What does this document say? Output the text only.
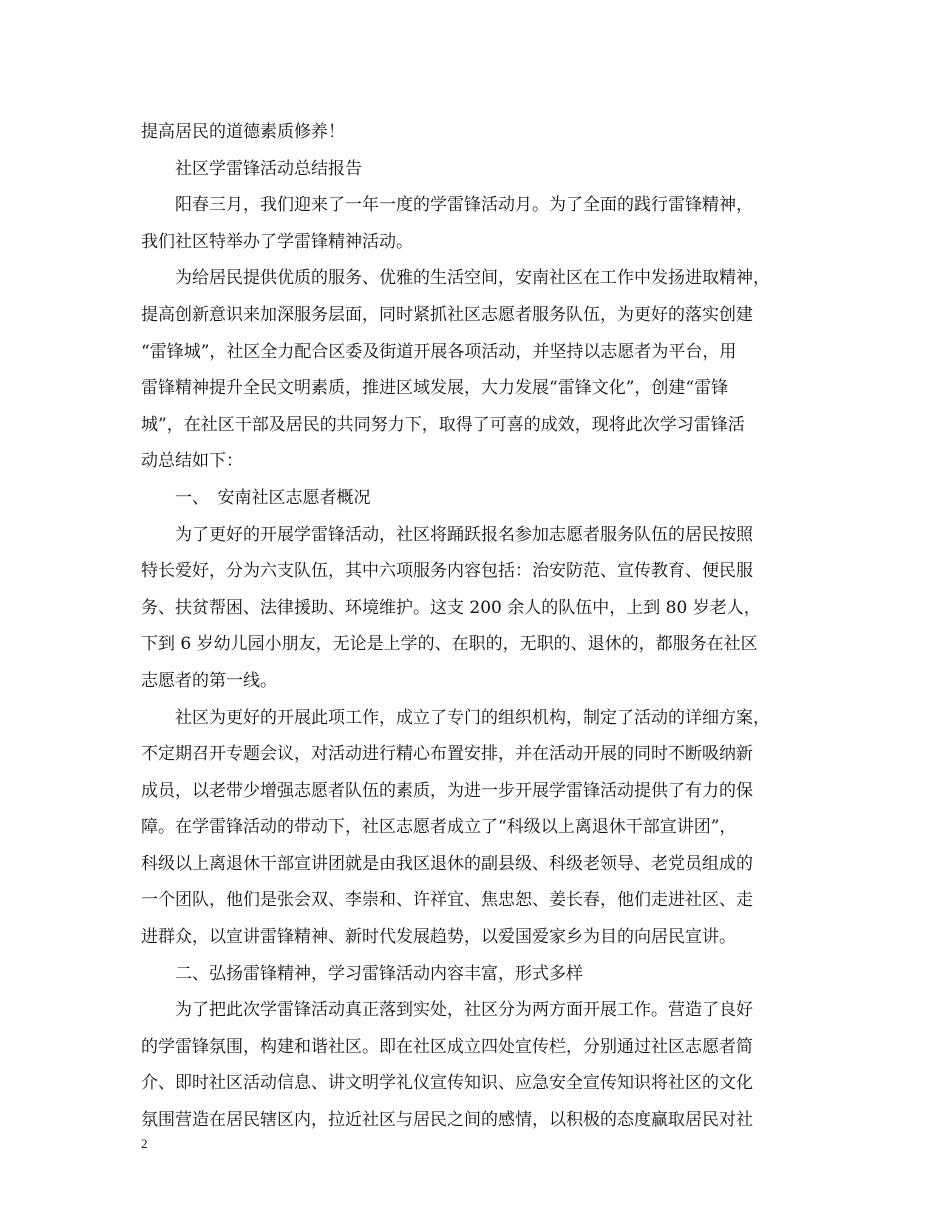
提高居民的道德素质修养！
社区学雷锋活动总结报告
阳春三月，我们迎来了一年一度的学雷锋活动月。为了全面的践行雷锋精神，
我们社区特举办了学雷锋精神活动。
为给居民提供优质的服务、优雅的生活空间，安南社区在工作中发扬进取精神，
提高创新意识来加深服务层面，同时紧抓社区志愿者服务队伍，为更好的落实创建
“雷锋城”，社区全力配合区委及街道开展各项活动，并坚持以志愿者为平台，用
雷锋精神提升全民文明素质，推进区域发展，大力发展“雷锋文化”，创建“雷锋
城”，在社区干部及居民的共同努力下，取得了可喜的成效，现将此次学习雷锋活
动总结如下：
一、　安南社区志愿者概况
为了更好的开展学雷锋活动，社区将踊跃报名参加志愿者服务队伍的居民按照
特长爱好，分为六支队伍，其中六项服务内容包括：治安防范、宣传教育、便民服
务、扶贫帮困、法律援助、环境维护。这支 200 余人的队伍中，上到 80 岁老人，
下到 6 岁幼儿园小朋友，无论是上学的、在职的，无职的、退休的，都服务在社区
志愿者的第一线。
社区为更好的开展此项工作，成立了专门的组织机构，制定了活动的详细方案，
不定期召开专题会议，对活动进行精心布置安排，并在活动开展的同时不断吸纳新
成员，以老带少增强志愿者队伍的素质，为进一步开展学雷锋活动提供了有力的保
障。在学雷锋活动的带动下，社区志愿者成立了“科级以上离退休干部宣讲团”，
科级以上离退休干部宣讲团就是由我区退休的副县级、科级老领导、老党员组成的
一个团队，他们是张会双、李崇和、许祥宜、焦忠恕、姜长春，他们走进社区、走
进群众，以宣讲雷锋精神、新时代发展趋势，以爱国爱家乡为目的向居民宣讲。
二、弘扬雷锋精神，学习雷锋活动内容丰富，形式多样
为了把此次学雷锋活动真正落到实处，社区分为两方面开展工作。营造了良好
的学雷锋氛围，构建和谐社区。即在社区成立四处宣传栏，分别通过社区志愿者简
介、即时社区活动信息、讲文明学礼仪宣传知识、应急安全宣传知识将社区的文化
氛围营造在居民辖区内，拉近社区与居民之间的感情，以积极的态度赢取居民对社
2
